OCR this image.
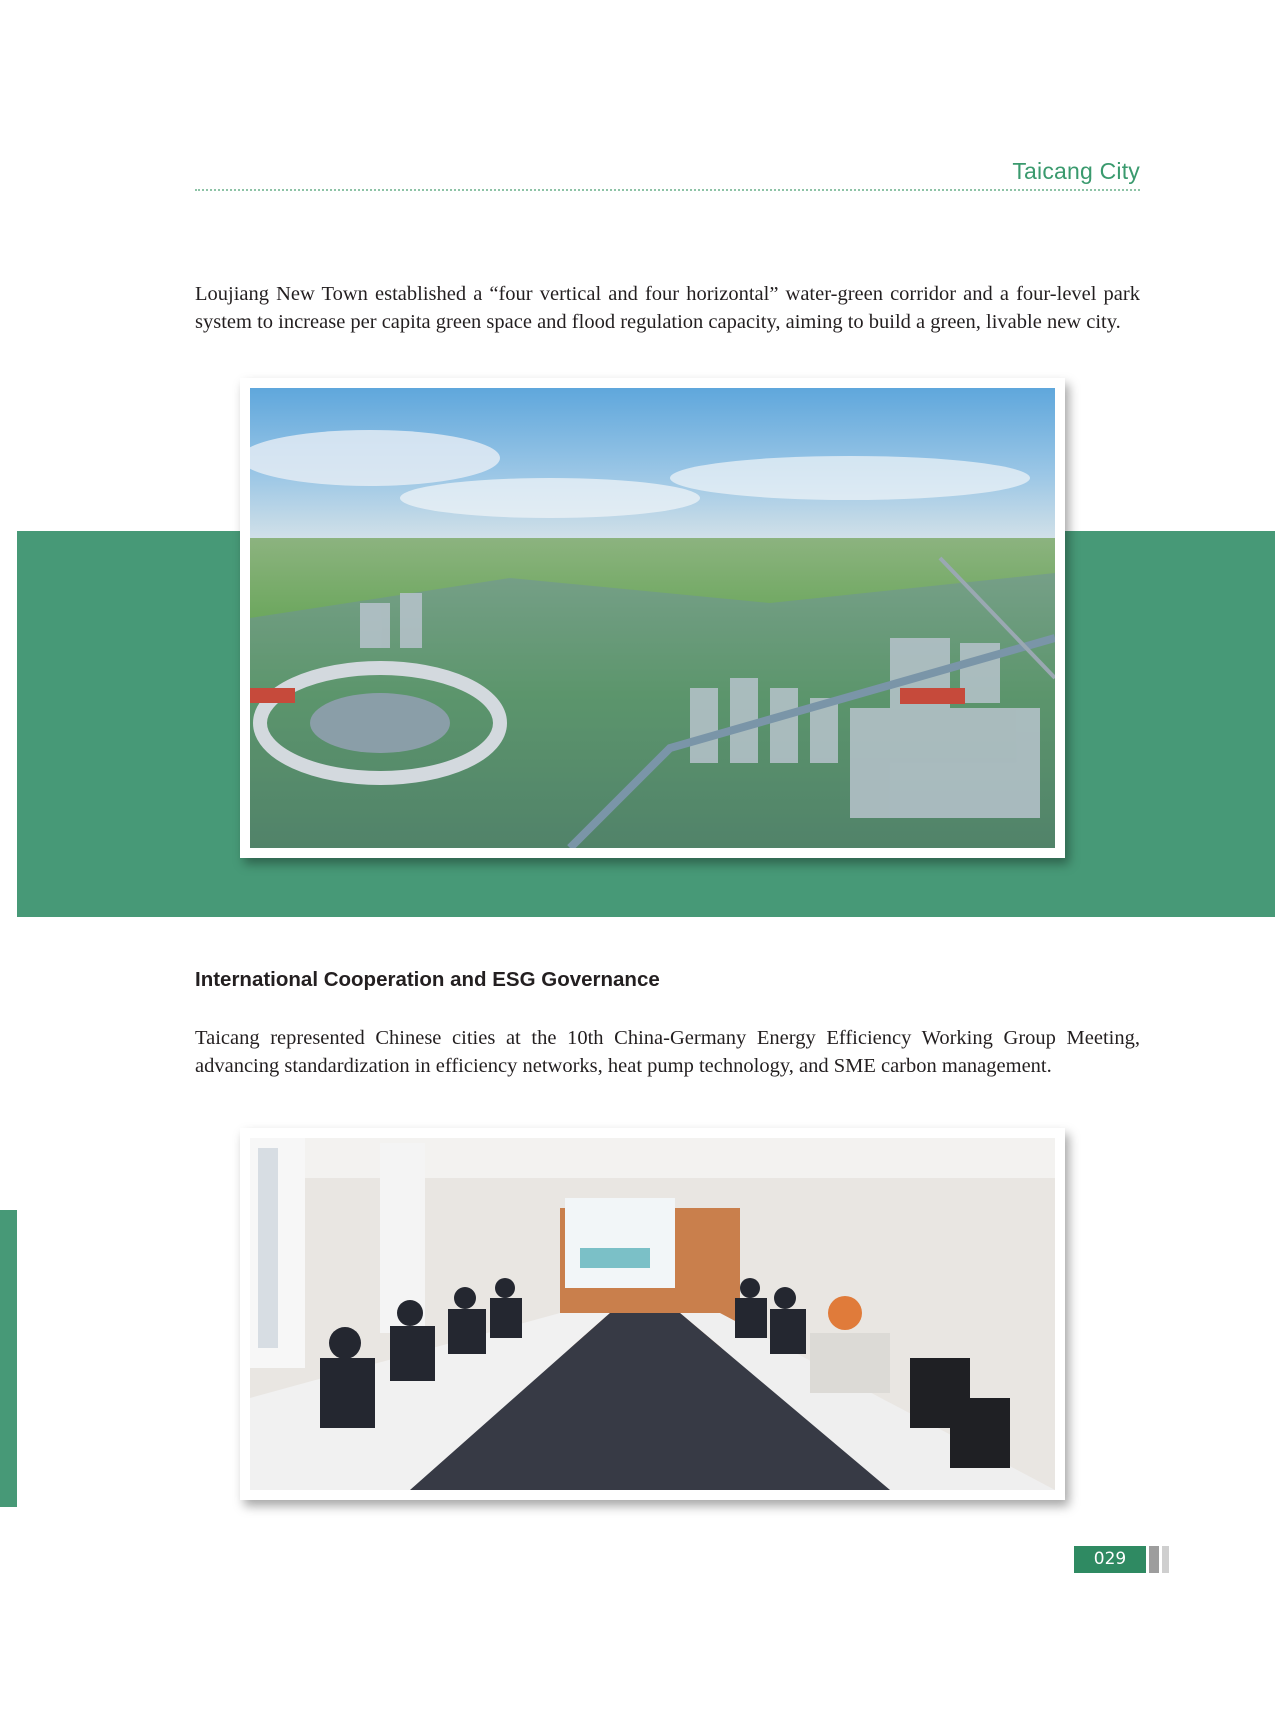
Taicang City

Loujiang New Town established a “four vertical and four horizontal” water-green corridor and a four-level park system to increase per capita green space and flood regulation capacity, aiming to build a green, livable new city.

International Cooperation and ESG Governance

Taicang represented Chinese cities at the 10th China-Germany Energy Efficiency Working Group Meeting, advancing standardization in efficiency networks, heat pump technology, and SME carbon management.

029
